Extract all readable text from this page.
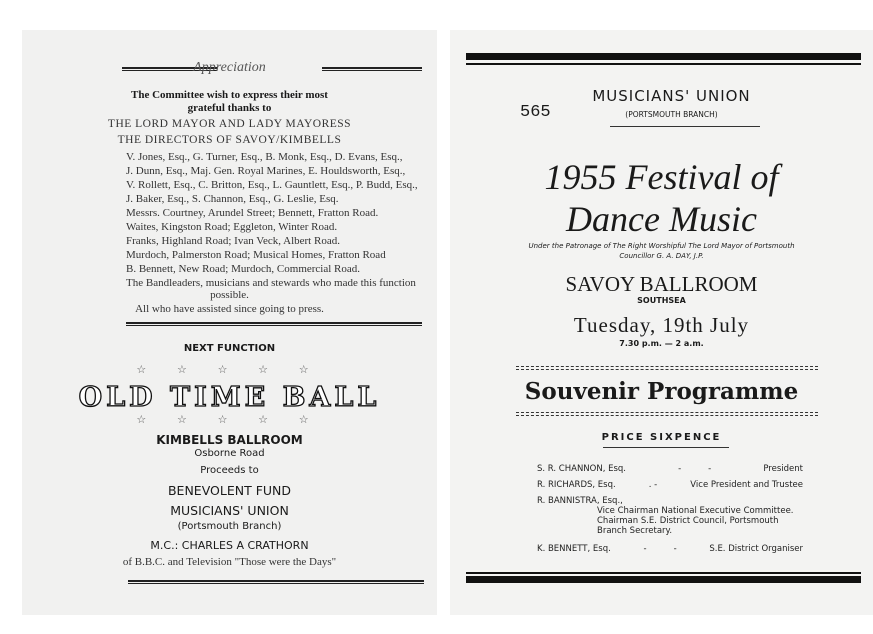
Appreciation
The Committee wish to express their most
grateful thanks to
THE LORD MAYOR AND LADY MAYORESS
THE DIRECTORS OF SAVOY/KIMBELLS
V. Jones, Esq., G. Turner, Esq., B. Monk, Esq., D. Evans, Esq.,
J. Dunn, Esq., Maj. Gen. Royal Marines, E. Houldsworth, Esq.,
V. Rollett, Esq., C. Britton, Esq., L. Gauntlett, Esq., P. Budd, Esq.,
J. Baker, Esq., S. Channon, Esq., G. Leslie, Esq.
Messrs. Courtney, Arundel Street; Bennett, Fratton Road.
Waites, Kingston Road; Eggleton, Winter Road.
Franks, Highland Road; Ivan Veck, Albert Road.
Murdoch, Palmerston Road; Musical Homes, Fratton Road
B. Bennett, New Road; Murdoch, Commercial Road.
The Bandleaders, musicians and stewards who made this function
possible.
All who have assisted since going to press.
NEXT FUNCTION
☆ ☆ ☆ ☆ ☆
OLD TIME BALL
☆ ☆ ☆ ☆ ☆
KIMBELLS BALLROOM
Osborne Road
Proceeds to
BENEVOLENT FUND
MUSICIANS' UNION
(Portsmouth Branch)
M.C.: CHARLES A CRATHORN
of B.B.C. and Television "Those were the Days"
565
MUSICIANS' UNION
(PORTSMOUTH BRANCH)
1955 Festival of
Dance Music
Under the Patronage of The Right Worshipful The Lord Mayor of Portsmouth
Councillor G. A. DAY, J.P.
SAVOY BALLROOM
SOUTHSEA
Tuesday, 19th July
7.30 p.m. — 2 a.m.
Souvenir Programme
PRICE SIXPENCE
S. R. CHANNON, Esq.	-          -	President
R. RICHARDS, Esq.	. -	Vice President and Trustee
R. BANNISTRA, Esq.,
Vice Chairman National Executive Committee.
Chairman S.E. District Council, Portsmouth
Branch Secretary.
K. BENNETT, Esq.	-          -	S.E. District Organiser
